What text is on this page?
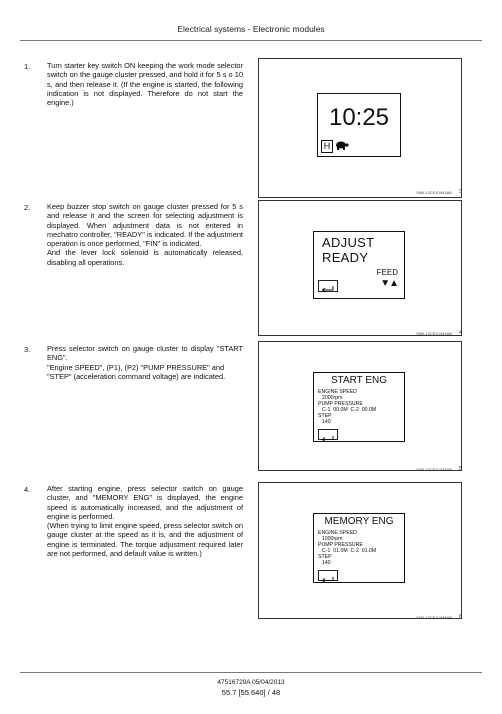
Electrical systems - Electronic modules
1. Turn starter key switch ON keeping the work mode selector switch on the gauge cluster pressed, and hold it for 5 s o 10 s, and then release it. (If the engine is started, the following indication is not displayed. Therefore do not start the engine.)

10:25
H
SMIL13CEX1943AB 3
2. Keep buzzer stop switch on gauge cluster pressed for 5 s and release it and the screen for selecting adjustment is displayed. When adjustment data is not entered in mechatro controller, "READY" is indicated. If the adjustment operation is once performed, "FIN" is indicated.

And the lever lock solenoid is automatically released, disabling all operations.

ADJUST
READY
FEED
▼▲
SMIL13CEX1944AB 4
3. Press selector switch on gauge cluster to display "START ENG".

"Engine SPEED", (P1), (P2) "PUMP PRESSURE" and

"STEP" (acceleration command voltage) are indicated.	START ENG
ENGINE SPEED
2000rpm
PUMP PRESSURE
C-1  00.0M  C-2  00.0M
STEP
140
SMIL13CEX1945AB 5
4. After starting engine, press selector switch on gauge cluster, and "MEMORY ENG" is displayed, the engine speed is automatically increased, and the adjustment of engine is performed.

(When trying to limit engine speed, press selector switch on gauge cluster at the speed as it is, and the adjustment of engine is terminated. The torque adjustment required later are not performed, and default value is written.)

MEMORY ENG
ENGINE SPEED
1000rpm
PUMP PRESSURE
C-1  01.0M  C-2  01.0M
STEP
140
SMIL13CEX1946AB 6
47516729A 05/04/2013
55.7 [55.640] / 48
